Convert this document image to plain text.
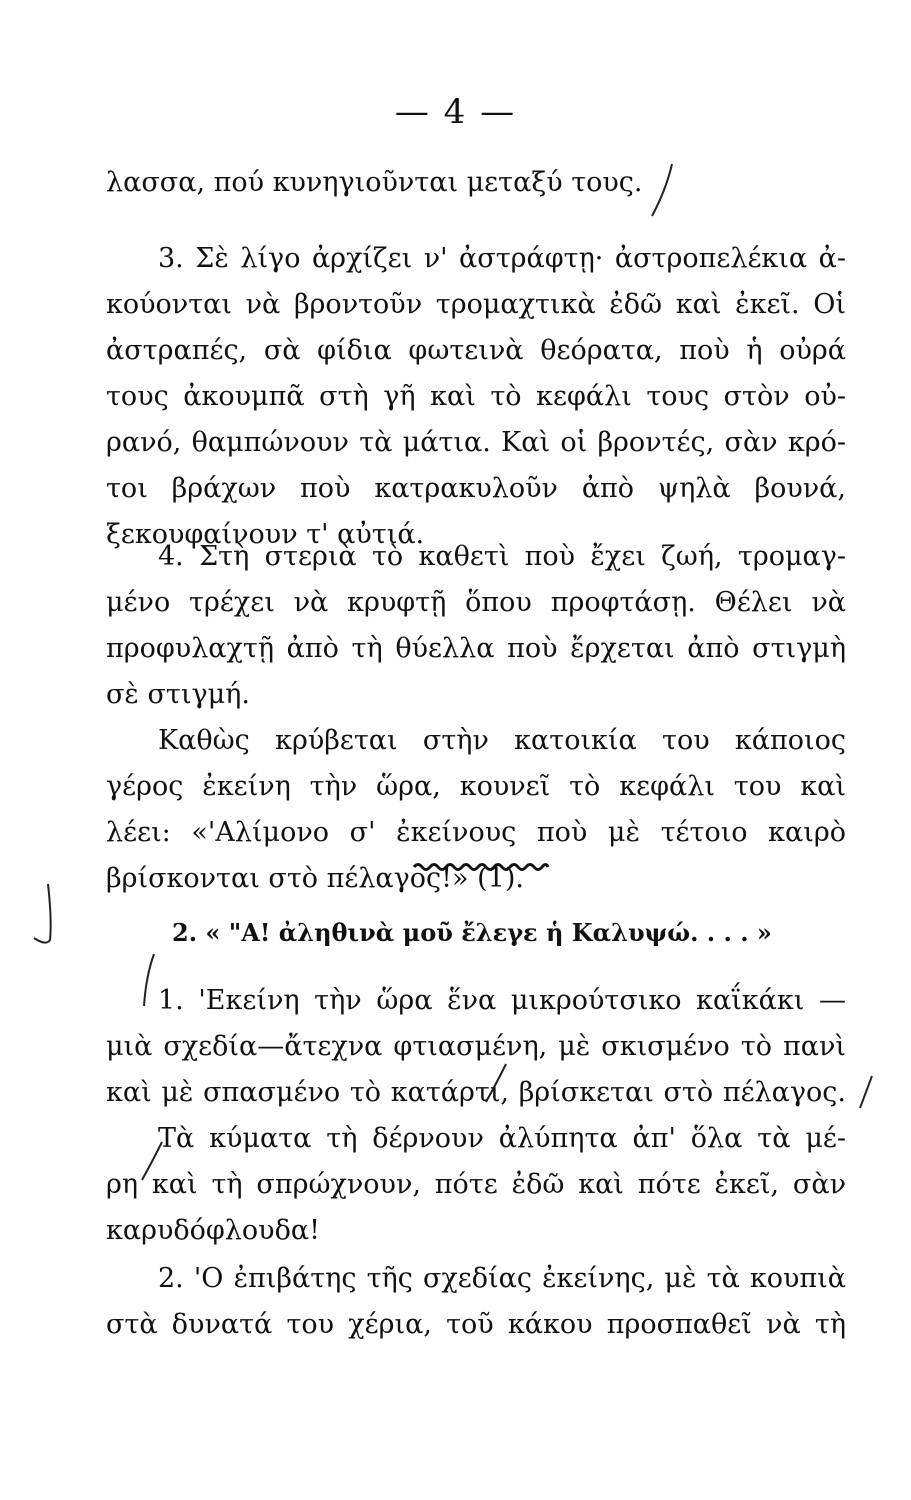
— 4 —
λασσα, πού κυνηγιοῦνται μεταξύ τους.
3. Σὲ λίγο ἀρχίζει ν' ἀστράφτῃ· ἀστροπελέκια ἀ-
κούονται νὰ βροντοῦν τρομαχτικὰ ἐδῶ καὶ ἐκεῖ. Οἱ
ἀστραπές, σὰ φίδια φωτεινὰ θεόρατα, ποὺ ἡ οὐρά
τους ἀκουμπᾶ στὴ γῆ καὶ τὸ κεφάλι τους στὸν οὐ-
ρανό, θαμπώνουν τὰ μάτια. Καὶ οἱ βροντές, σὰν κρό-
τοι βράχων ποὺ κατρακυλοῦν ἀπὸ ψηλὰ βουνά,
ξεκουφαίνουν τ' αὐτιά.
4. Στὴ στεριὰ τὸ καθετὶ ποὺ ἔχει ζωή, τρομαγ-
μένο τρέχει νὰ κρυφτῇ ὅπου προφτάσῃ. Θέλει νὰ
προφυλαχτῇ ἀπὸ τὴ θύελλα ποὺ ἔρχεται ἀπὸ στιγμὴ
σὲ στιγμή.
Καθὼς κρύβεται στὴν κατοικία του κάποιος
γέρος ἐκείνη τὴν ὥρα, κουνεῖ τὸ κεφάλι του καὶ
λέει: «'Αλίμονο σ' ἐκείνους ποὺ μὲ τέτοιο καιρὸ
βρίσκονται στὸ πέλαγος!» (1).
2. « "Α! ἀληθινὰ μοῦ ἔλεγε ἡ Καλυψώ. . . . »
1. 'Εκείνη τὴν ὥρα ἕνα μικρούτσικο καΐκάκι —
μιὰ σχεδία—ἄτεχνα φτιασμένη, μὲ σκισμένο τὸ πανὶ
καὶ μὲ σπασμένο τὸ κατάρτι, βρίσκεται στὸ πέλαγος.
Τὰ κύματα τὴ δέρνουν ἀλύπητα ἀπ' ὅλα τὰ μέ-
ρη καὶ τὴ σπρώχνουν, πότε ἐδῶ καὶ πότε ἐκεῖ, σὰν
καρυδόφλουδα!
2. 'Ο ἐπιβάτης τῆς σχεδίας ἐκείνης, μὲ τὰ κουπιὰ
στὰ δυνατά του χέρια, τοῦ κάκου προσπαθεῖ νὰ τὴ
